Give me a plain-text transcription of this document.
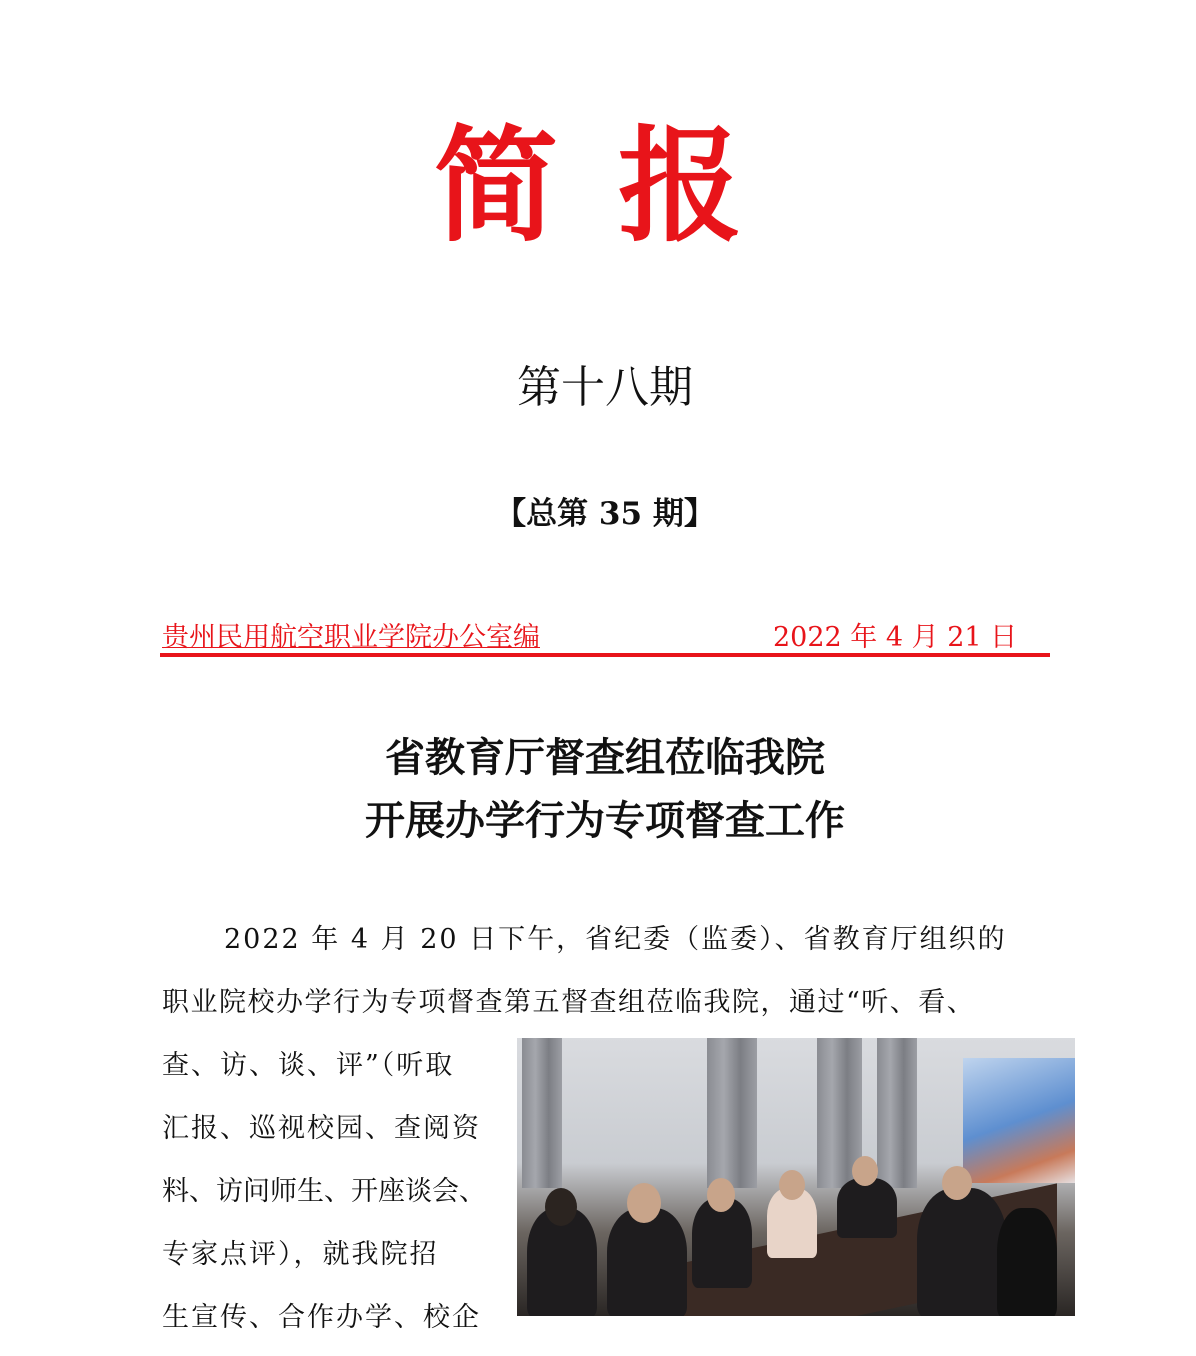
简报
第十八期
【总第 35 期】
贵州民用航空职业学院办公室编	2022 年 4 月 21 日
省教育厅督查组莅临我院
开展办学行为专项督查工作
2022 年 4 月 20 日下午，省纪委（监委）、省教育厅组织的
职业院校办学行为专项督查第五督查组莅临我院，通过“听、看、
查、访、谈、评”（听取
汇报、巡视校园、查阅资
料、访问师生、开座谈会、
专家点评），就我院招
生宣传、合作办学、校企
